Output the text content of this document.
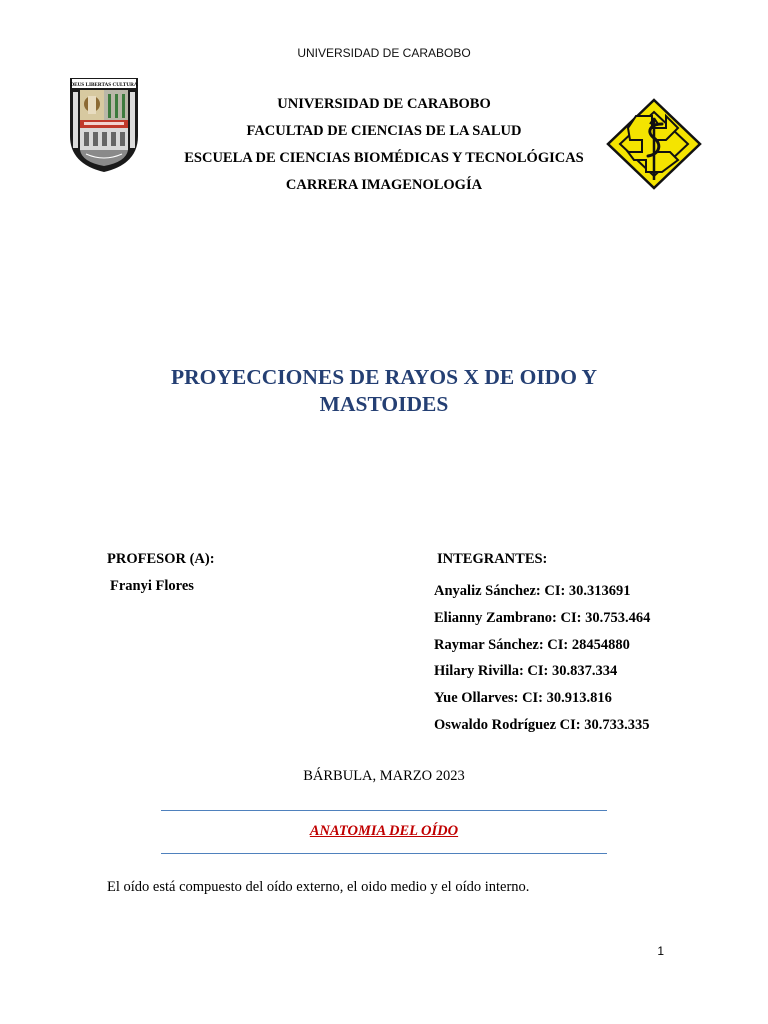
UNIVERSIDAD DE CARABOBO
DEUS LIBERTAS CULTURA
UNIVERSIDAD DE CARABOBO
FACULTAD DE CIENCIAS DE LA SALUD
ESCUELA DE CIENCIAS BIOMÉDICAS Y TECNOLÓGICAS
CARRERA IMAGENOLOGÍA
PROYECCIONES DE RAYOS X DE OIDO Y
MASTOIDES
PROFESOR (A):
Franyi Flores
INTEGRANTES:
Anyaliz Sánchez: CI: 30.313691
Elianny Zambrano: CI: 30.753.464
Raymar Sánchez: CI: 28454880
Hilary Rivilla: CI: 30.837.334
Yue Ollarves: CI: 30.913.816
Oswaldo Rodríguez CI: 30.733.335
BÁRBULA, MARZO 2023
ANATOMIA DEL OÍDO
El oído está compuesto del oído externo, el oido medio y el oído interno.
1
